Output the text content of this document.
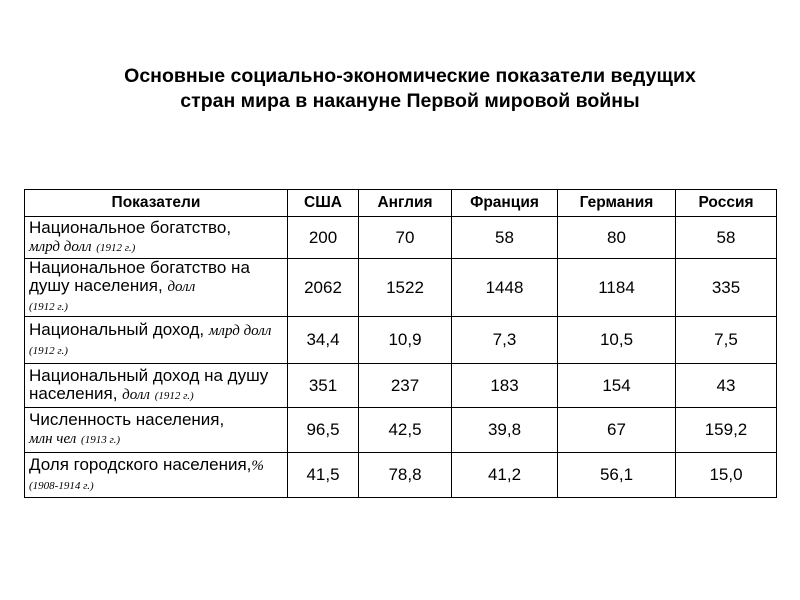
Основные социально-экономические показатели ведущих
стран мира в накануне Первой мировой войны
Показатели	США	Англия	Франция	Германия	Россия
Национальное богатство,
млрд долл (1912 г.)	200	70	58	80	58
Национальное богатство на душу населения, долл
(1912 г.)	2062	1522	1448	1184	335
Национальный доход, млрд долл
(1912 г.)	34,4	10,9	7,3	10,5	7,5
Национальный доход на душу населения, долл (1912 г.)	351	237	183	154	43
Численность населения,
млн чел (1913 г.)	96,5	42,5	39,8	67	159,2
Доля городского населения,% (1908-1914 г.)	41,5	78,8	41,2	56,1	15,0
